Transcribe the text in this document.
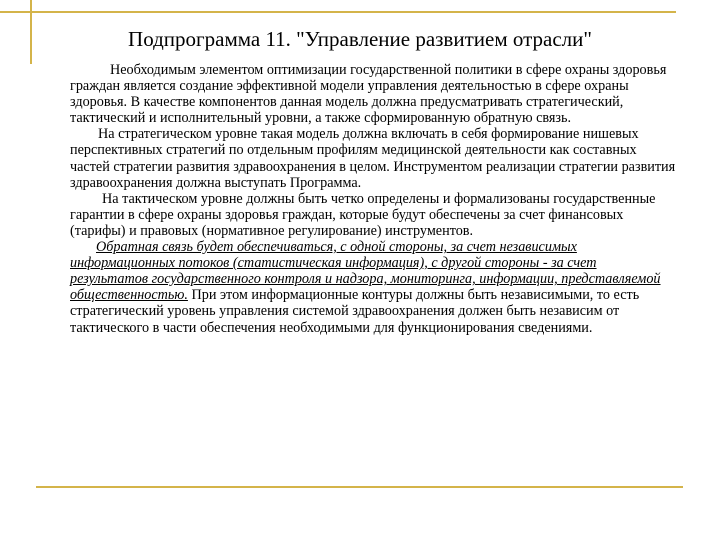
Подпрограмма 11. "Управление развитием отрасли"

Необходимым элементом оптимизации государственной политики в сфере охраны здоровья граждан является создание эффективной модели управления деятельностью в сфере охраны здоровья. В качестве компонентов данная модель должна предусматривать стратегический, тактический и исполнительный уровни, а также сформированную обратную связь.

На стратегическом уровне такая модель должна включать в себя формирование нишевых перспективных стратегий по отдельным профилям медицинской деятельности как составных частей стратегии развития здравоохранения в целом. Инструментом реализации стратегии развития здравоохранения должна выступать Программа.

На тактическом уровне должны быть четко определены и формализованы государственные гарантии в сфере охраны здоровья граждан, которые будут обеспечены за счет финансовых (тарифы) и правовых (нормативное регулирование) инструментов.

Обратная связь будет обеспечиваться, с одной стороны, за счет независимых информационных потоков (статистическая информация), с другой стороны - за счет результатов государственного контроля и надзора, мониторинга, информации, представляемой общественностью. При этом информационные контуры должны быть независимыми, то есть стратегический уровень управления системой здравоохранения должен быть независим от тактического в части обеспечения необходимыми для функционирования сведениями.
